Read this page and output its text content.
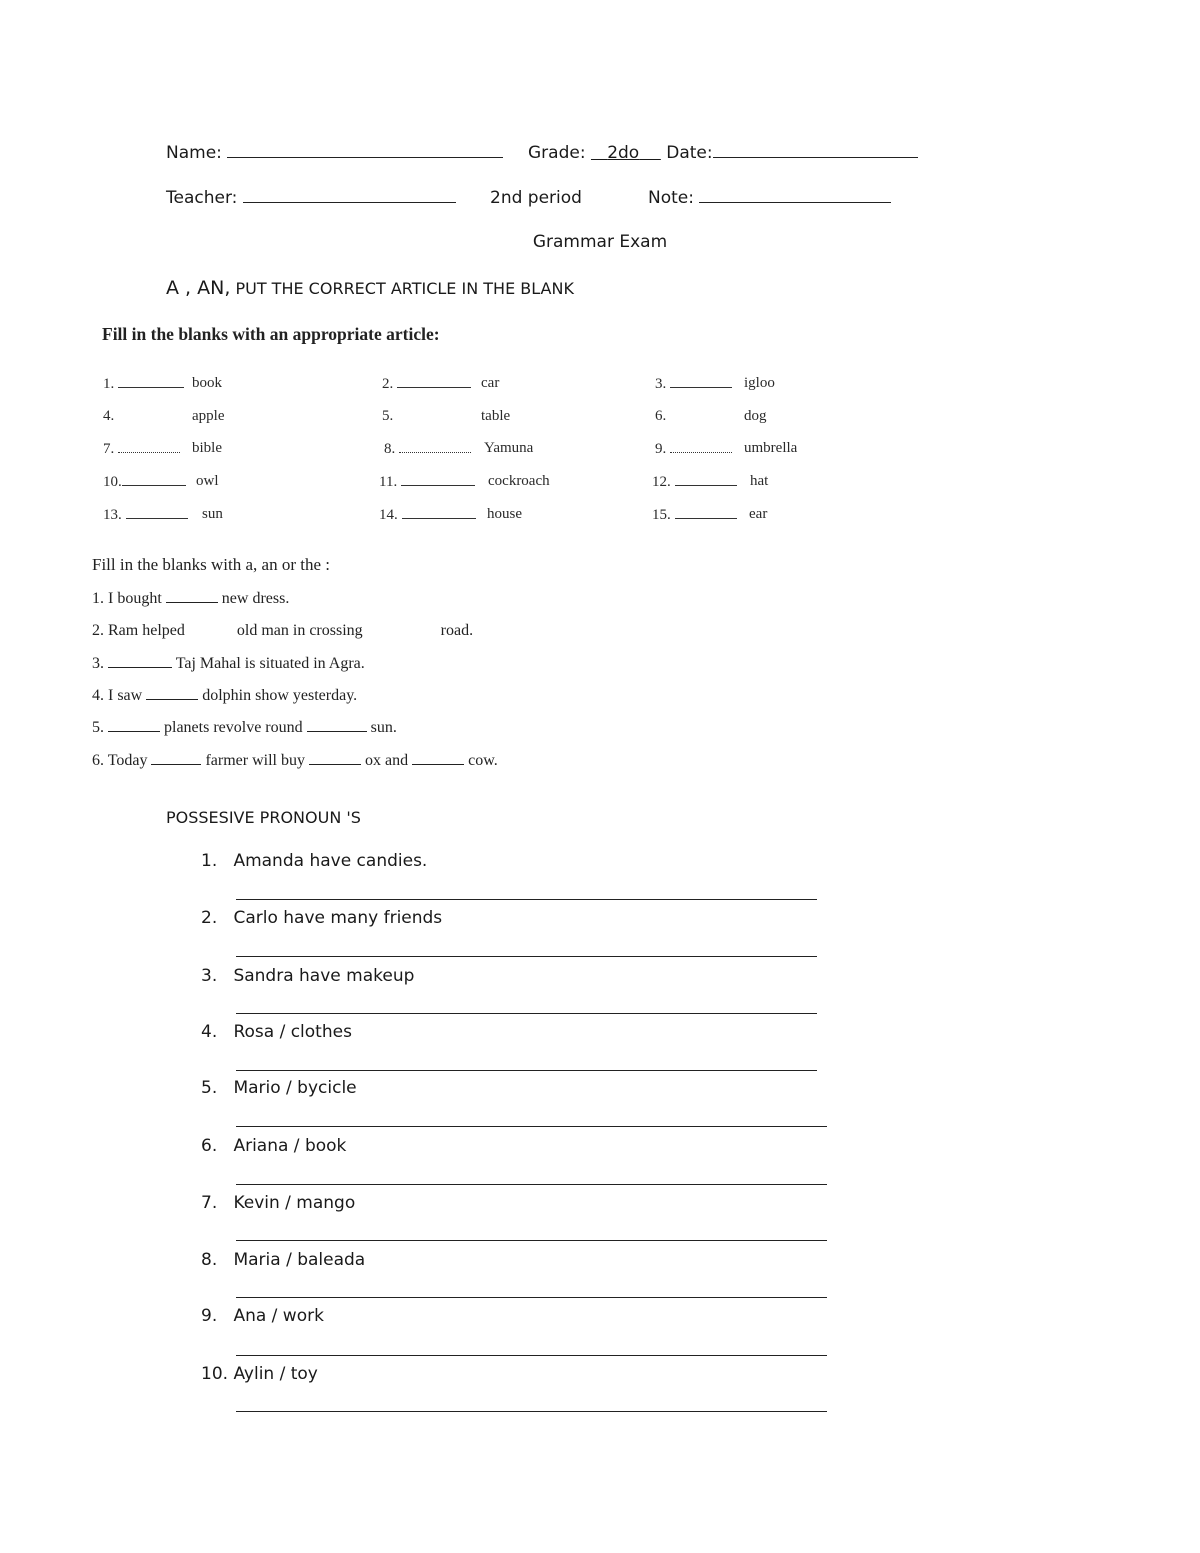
Name:	Grade: 2do Date:
Teacher:	2nd period	Note:
Grammar Exam
A , AN, PUT THE CORRECT ARTICLE IN THE BLANK
Fill in the blanks with an appropriate article:
1.	book	2.	car	3.	igloo
4.	apple	5.	table	6.	dog
7.	bible	8.	Yamuna	9.	umbrella
10.	owl	11.	cockroach	12.	hat
13.	sun	14.	house	15.	ear
Fill in the blanks with a, an or the :
1. I bought	new dress.
2. Ram helped	old man in crossing	road.
3.	Taj Mahal is situated in Agra.
4. I saw	dolphin show yesterday.
5.	planets revolve round	sun.
6. Today	farmer will buy	ox and	cow.
POSSESIVE PRONOUN 'S
1. Amanda have candies.
2. Carlo have many friends
3. Sandra have makeup
4. Rosa / clothes
5. Mario / bycicle
6. Ariana / book
7. Kevin / mango
8. Maria / baleada
9. Ana / work
10. Aylin / toy
